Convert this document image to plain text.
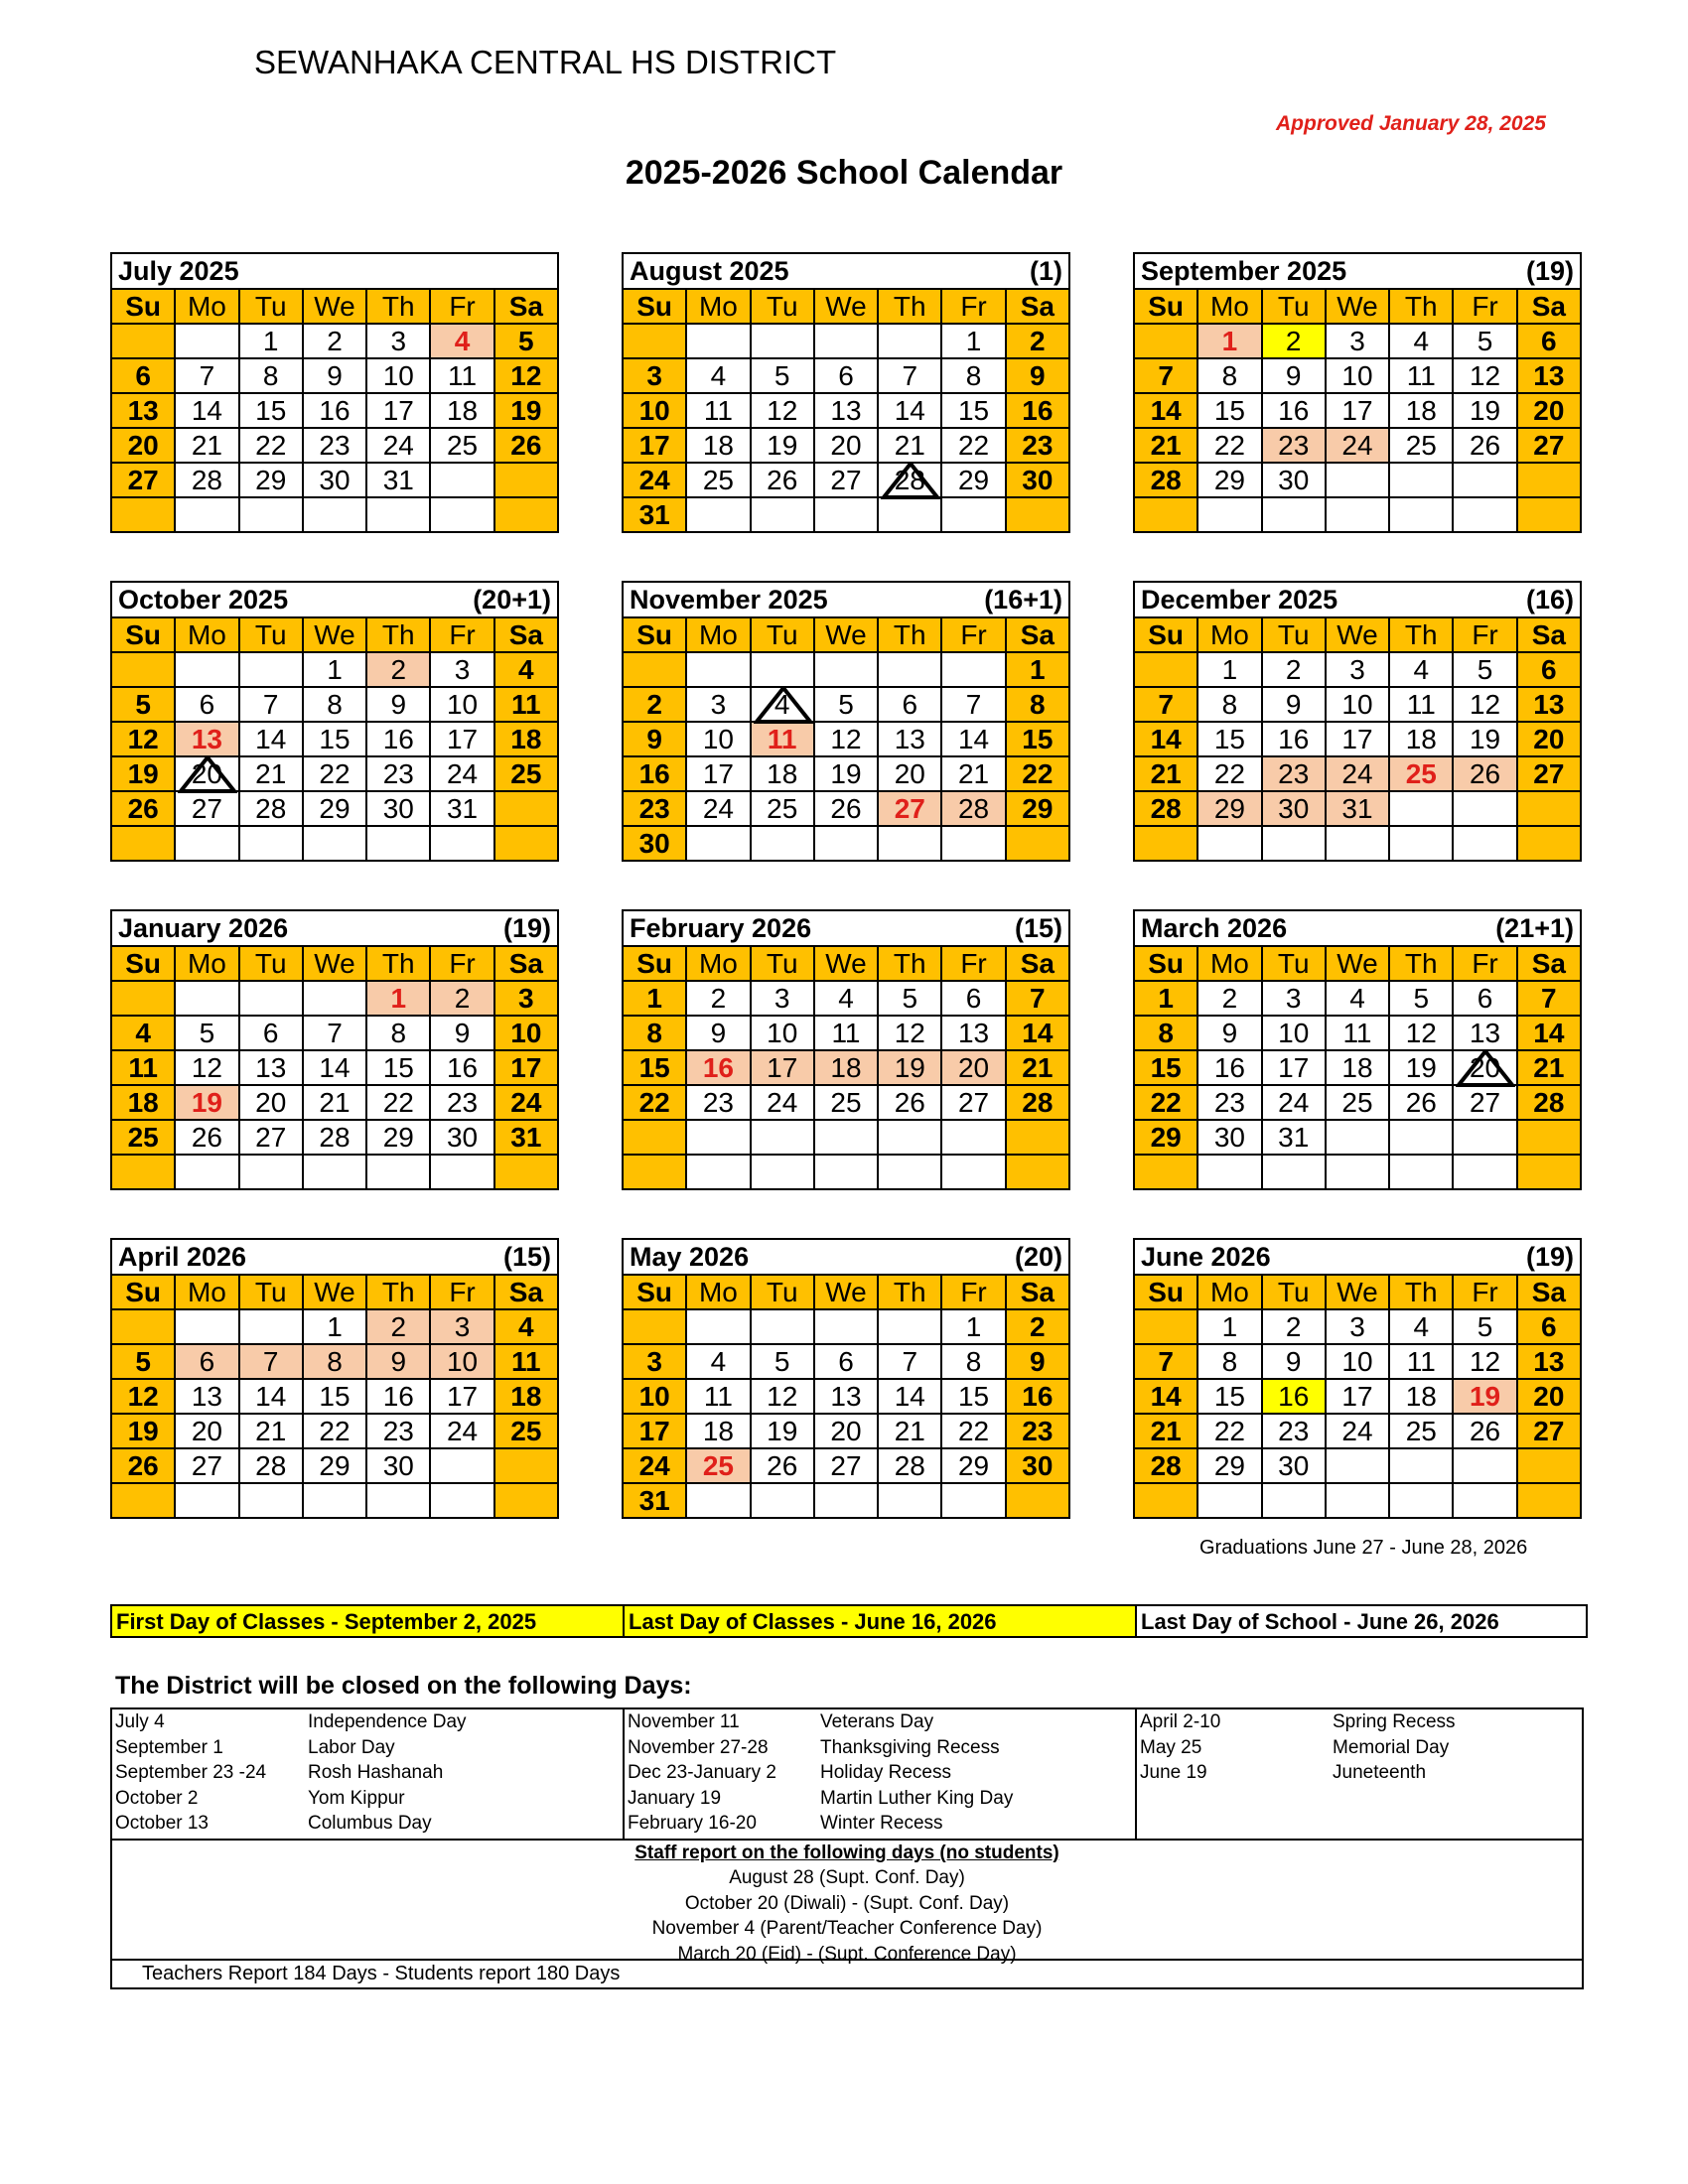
SEWANHAKA CENTRAL HS DISTRICT
Approved January 28, 2025
2025-2026 School Calendar
July 2025						
Su	Mo	Tu	We	Th	Fr	Sa
		1	2	3	4	5
6	7	8	9	10	11	12
13	14	15	16	17	18	19
20	21	22	23	24	25	26
27	28	29	30	31		

(1)
August 2025						
Su	Mo	Tu	We	Th	Fr	Sa
					1	2
3	4	5	6	7	8	9
10	11	12	13	14	15	16
17	18	19	20	21	22	23
24	25	26	27	28	29	30
31						
(19)
September 2025						
Su	Mo	Tu	We	Th	Fr	Sa
	1	2	3	4	5	6
7	8	9	10	11	12	13
14	15	16	17	18	19	20
21	22	23	24	25	26	27
28	29	30				

(20+1)
October 2025						
Su	Mo	Tu	We	Th	Fr	Sa
			1	2	3	4
5	6	7	8	9	10	11
12	13	14	15	16	17	18
19	20	21	22	23	24	25
26	27	28	29	30	31	

(16+1)
November 2025						
Su	Mo	Tu	We	Th	Fr	Sa
						1
2	3	4	5	6	7	8
9	10	11	12	13	14	15
16	17	18	19	20	21	22
23	24	25	26	27	28	29
30						
(16)
December 2025						
Su	Mo	Tu	We	Th	Fr	Sa
	1	2	3	4	5	6
7	8	9	10	11	12	13
14	15	16	17	18	19	20
21	22	23	24	25	26	27
28	29	30	31			

(19)
January 2026						
Su	Mo	Tu	We	Th	Fr	Sa
				1	2	3
4	5	6	7	8	9	10
11	12	13	14	15	16	17
18	19	20	21	22	23	24
25	26	27	28	29	30	31

(15)
February 2026						
Su	Mo	Tu	We	Th	Fr	Sa
1	2	3	4	5	6	7
8	9	10	11	12	13	14
15	16	17	18	19	20	21
22	23	24	25	26	27	28

(21+1)
March 2026						
Su	Mo	Tu	We	Th	Fr	Sa
1	2	3	4	5	6	7
8	9	10	11	12	13	14
15	16	17	18	19	20	21
22	23	24	25	26	27	28
29	30	31				

(15)
April 2026						
Su	Mo	Tu	We	Th	Fr	Sa
			1	2	3	4
5	6	7	8	9	10	11
12	13	14	15	16	17	18
19	20	21	22	23	24	25
26	27	28	29	30		

(20)
May 2026						
Su	Mo	Tu	We	Th	Fr	Sa
					1	2
3	4	5	6	7	8	9
10	11	12	13	14	15	16
17	18	19	20	21	22	23
24	25	26	27	28	29	30
31						
(19)
June 2026						
Su	Mo	Tu	We	Th	Fr	Sa
	1	2	3	4	5	6
7	8	9	10	11	12	13
14	15	16	17	18	19	20
21	22	23	24	25	26	27
28	29	30				

Graduations June 27 - June 28, 2026
First Day of Classes - September 2, 2025	Last Day of Classes - June 16, 2026	Last Day of School - June 26, 2026
The District will be closed on the following Days:
July 4	Independence Day
September 1	Labor Day
September 23 -24	Rosh Hashanah
October 2	Yom Kippur
October 13	Columbus Day
November 11	Veterans Day
November 27-28	Thanksgiving Recess
Dec 23-January 2	Holiday Recess
January 19	Martin Luther King Day
February 16-20	Winter Recess
April 2-10	Spring Recess
May 25	Memorial Day
June 19	Juneteenth
Staff report on the following days (no students)
August 28 (Supt. Conf. Day)
October 20 (Diwali) - (Supt. Conf. Day)
November 4 (Parent/Teacher Conference Day)
March 20 (Eid) - (Supt. Conference Day)
Teachers Report 184 Days - Students report 180 Days
